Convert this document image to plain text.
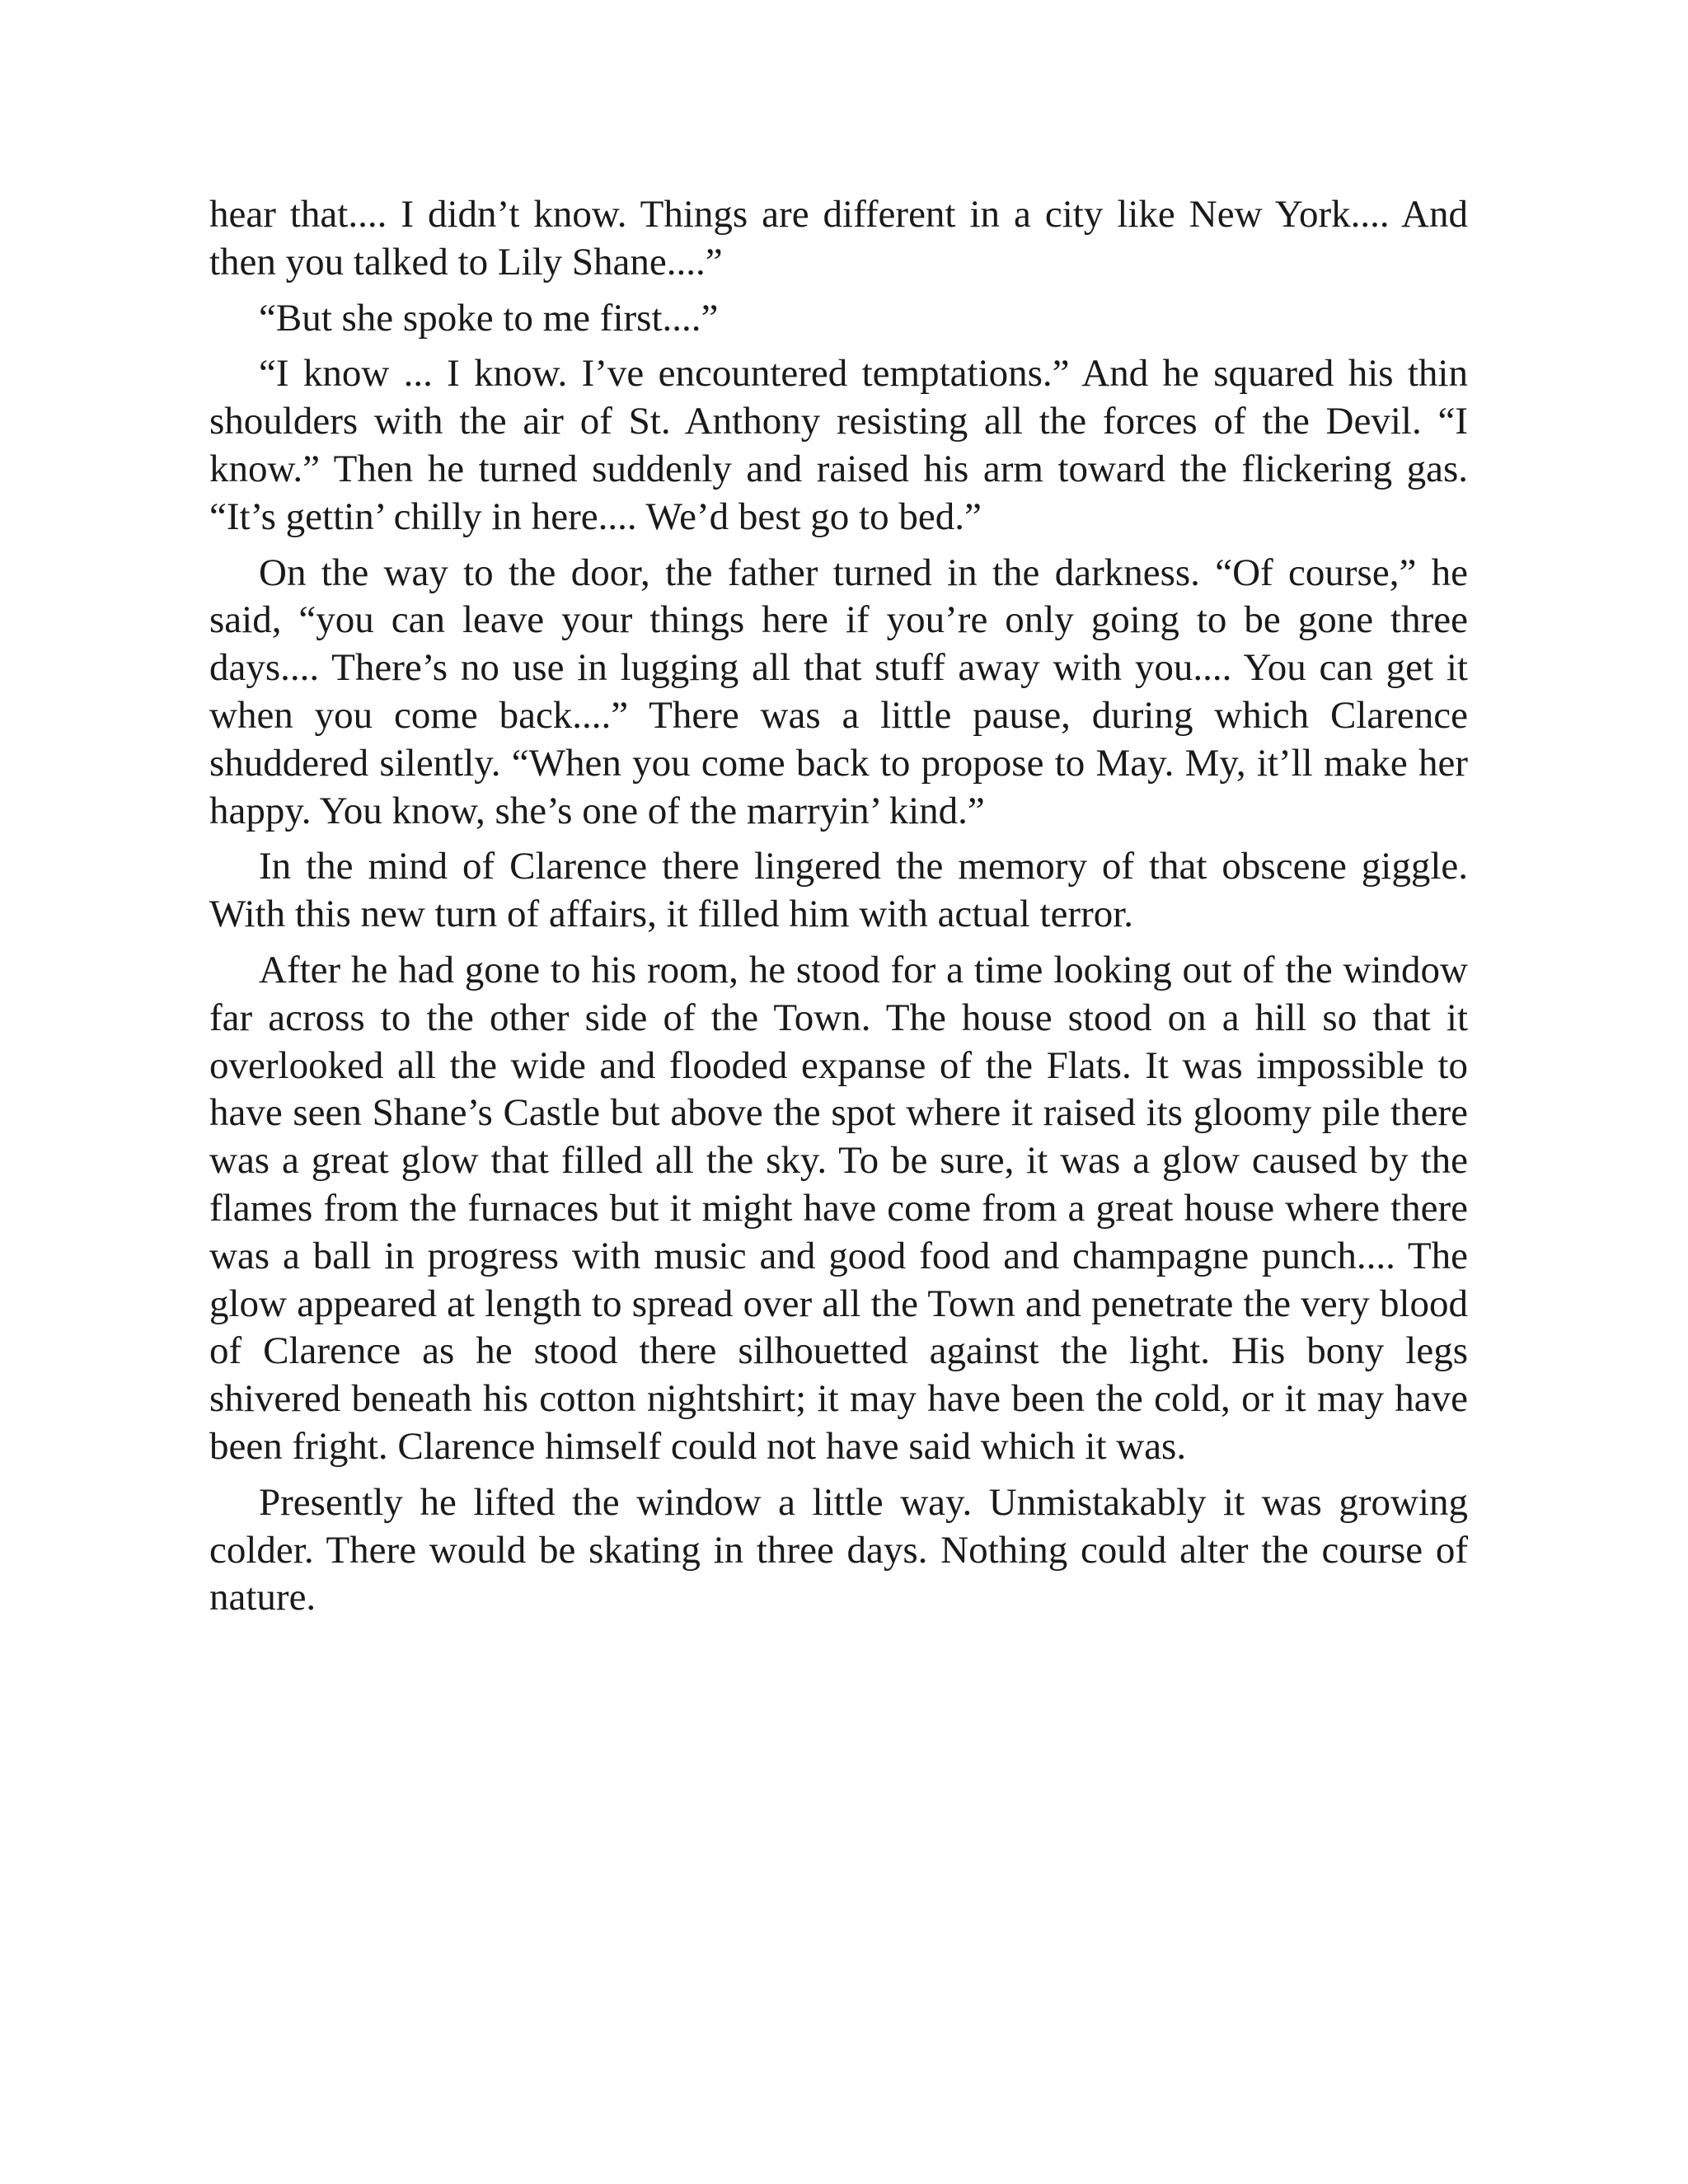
hear that.... I didn’t know. Things are different in a city like New York.... And then you talked to Lily Shane....”

“But she spoke to me first....”

“I know ... I know. I’ve encountered temptations.” And he squared his thin shoulders with the air of St. Anthony resisting all the forces of the Devil. “I know.” Then he turned suddenly and raised his arm toward the flickering gas. “It’s gettin’ chilly in here.... We’d best go to bed.”

On the way to the door, the father turned in the darkness. “Of course,” he said, “you can leave your things here if you’re only going to be gone three days.... There’s no use in lugging all that stuff away with you.... You can get it when you come back....” There was a little pause, during which Clarence shuddered silently. “When you come back to propose to May. My, it’ll make her happy. You know, she’s one of the marryin’ kind.”

In the mind of Clarence there lingered the memory of that obscene giggle. With this new turn of affairs, it filled him with actual terror.

After he had gone to his room, he stood for a time looking out of the window far across to the other side of the Town. The house stood on a hill so that it overlooked all the wide and flooded expanse of the Flats. It was impossible to have seen Shane’s Castle but above the spot where it raised its gloomy pile there was a great glow that filled all the sky. To be sure, it was a glow caused by the flames from the furnaces but it might have come from a great house where there was a ball in progress with music and good food and champagne punch.... The glow appeared at length to spread over all the Town and penetrate the very blood of Clarence as he stood there silhouetted against the light. His bony legs shivered beneath his cotton nightshirt; it may have been the cold, or it may have been fright. Clarence himself could not have said which it was.

Presently he lifted the window a little way. Unmistakably it was growing colder. There would be skating in three days. Nothing could alter the course of nature.
